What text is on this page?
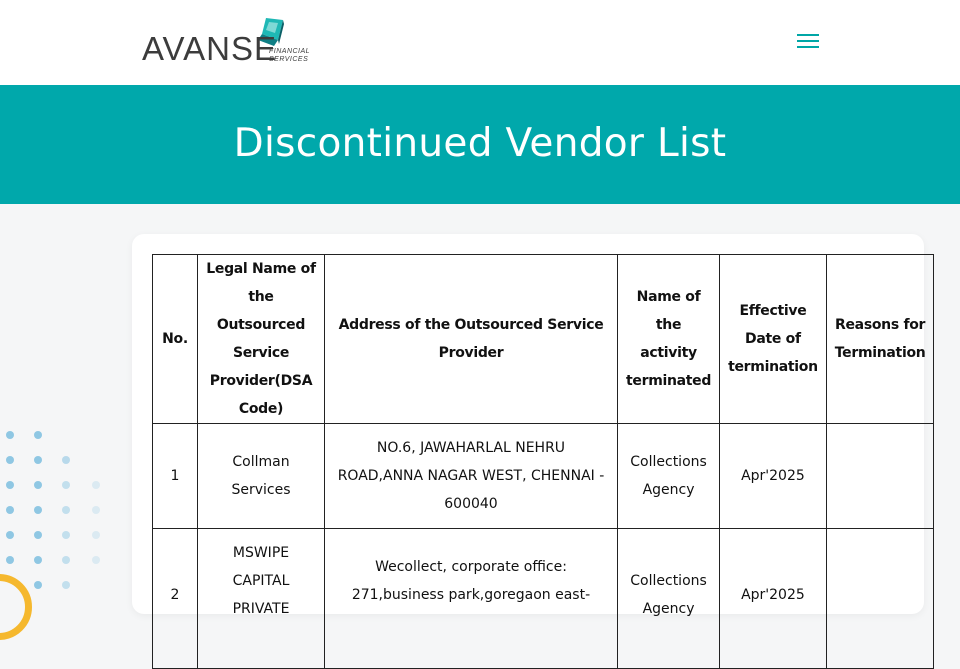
AVANSE
FINANCIAL
SERVICES
Discontinued Vendor List
No.	Legal Name of the Outsourced Service Provider(DSA Code)	Address of the Outsourced Service Provider	Name of the activity terminated	Effective Date of termination	Reasons for Termination
1	Collman Services	NO.6, JAWAHARLAL NEHRU ROAD,ANNA NAGAR WEST, CHENNAI - 600040	Collections Agency	Apr'2025	
2	MSWIPE CAPITAL PRIVATE	Wecollect, corporate office: 271,business park,goregaon east-	Collections Agency	Apr'2025	
